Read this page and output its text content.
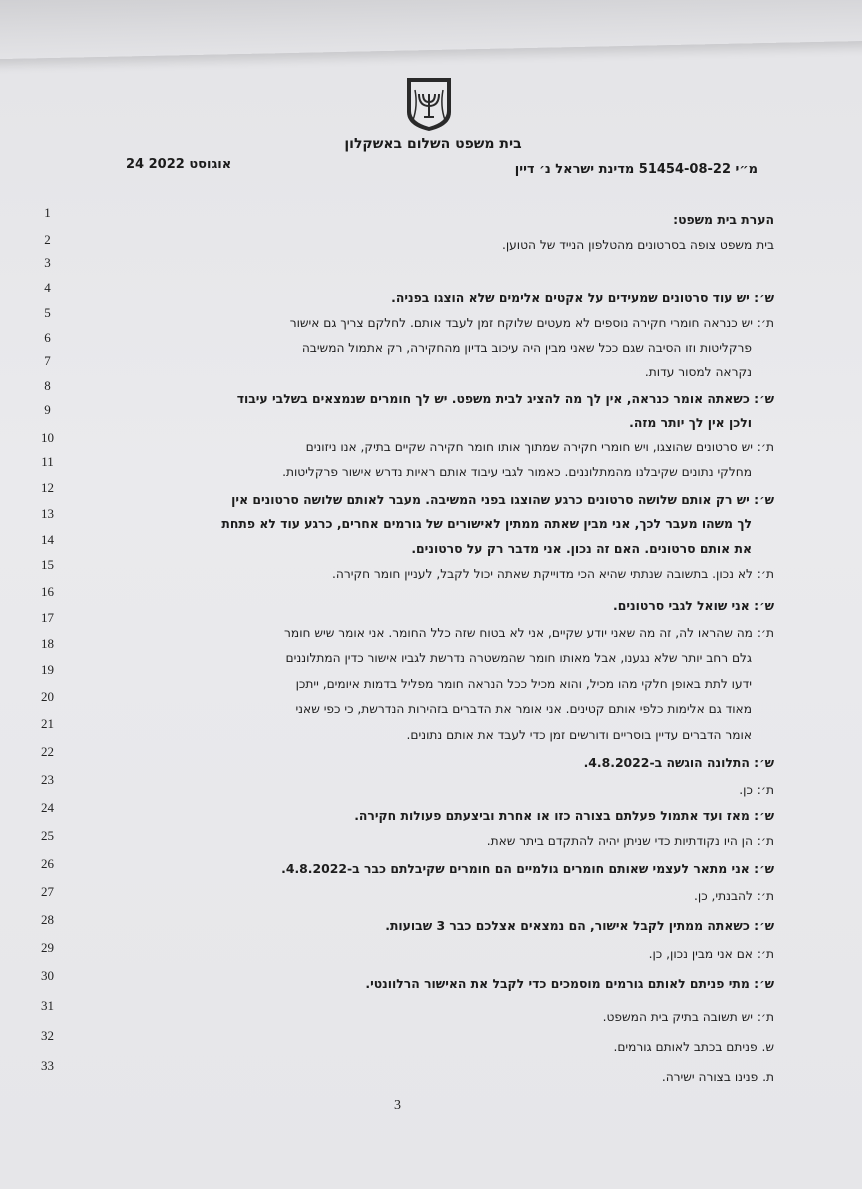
בית משפט השלום באשקלון
מ״י 51454-08-22 מדינת ישראל נ׳ דיין
24 אוגוסט 2022
1
2
3
4
5
6
7
8
9
10
11
12
13
14
15
16
17
18
19
20
21
22
23
24
25
26
27
28
29
30
31
32
33
הערת בית משפט:
בית משפט צופה בסרטונים מהטלפון הנייד של הטוען.
ש׳: יש עוד סרטונים שמעידים על אקטים אלימים שלא הוצגו בפניה.
ת׳: יש כנראה חומרי חקירה נוספים לא מעטים שלוקח זמן לעבד אותם. לחלקם צריך גם אישור
פרקליטות וזו הסיבה שגם ככל שאני מבין היה עיכוב בדיון מהחקירה, רק אתמול המשיבה
נקראה למסור עדות.
ש׳: כשאתה אומר כנראה, אין לך מה להציג לבית משפט. יש לך חומרים שנמצאים בשלבי עיבוד
ולכן אין לך יותר מזה.
ת׳: יש סרטונים שהוצגו, ויש חומרי חקירה שמתוך אותו חומר חקירה שקיים בתיק, אנו ניזונים
מחלקי נתונים שקיבלנו מהמתלוננים. כאמור לגבי עיבוד אותם ראיות נדרש אישור פרקליטות.
ש׳: יש רק אותם שלושה סרטונים כרגע שהוצגו בפני המשיבה. מעבר לאותם שלושה סרטונים אין
לך משהו מעבר לכך, אני מבין שאתה ממתין לאישורים של גורמים אחרים, כרגע עוד לא פתחת
את אותם סרטונים. האם זה נכון. אני מדבר רק על סרטונים.
ת׳: לא נכון. בתשובה שנתתי שהיא הכי מדוייקת שאתה יכול לקבל, לעניין חומר חקירה.
ש׳: אני שואל לגבי סרטונים.
ת׳: מה שהראו לה, זה מה שאני יודע שקיים, אני לא בטוח שזה כלל החומר. אני אומר שיש חומר
גלם רחב יותר שלא נגענו, אבל מאותו חומר שהמשטרה נדרשת לגביו אישור כדין המתלוננים
ידעו לתת באופן חלקי מהו מכיל, והוא מכיל ככל הנראה חומר מפליל בדמות איומים, ייתכן
מאוד גם אלימות כלפי אותם קטינים. אני אומר את הדברים בזהירות הנדרשת, כי כפי שאני
אומר הדברים עדיין בוסריים ודורשים זמן כדי לעבד את אותם נתונים.
ש׳: התלונה הוגשה ב-4.8.2022.
ת׳: כן.
ש׳: מאז ועד אתמול פעלתם בצורה כזו או אחרת וביצעתם פעולות חקירה.
ת׳: הן היו נקודתיות כדי שניתן יהיה להתקדם ביתר שאת.
ש׳: אני מתאר לעצמי שאותם חומרים גולמיים הם חומרים שקיבלתם כבר ב-4.8.2022.
ת׳: להבנתי, כן.
ש׳: כשאתה ממתין לקבל אישור, הם נמצאים אצלכם כבר 3 שבועות.
ת׳: אם אני מבין נכון, כן.
ש׳: מתי פניתם לאותם גורמים מוסמכים כדי לקבל את האישור הרלוונטי.
ת׳: יש תשובה בתיק בית המשפט.
ש. פניתם בכתב לאותם גורמים.
ת. פנינו בצורה ישירה.
3
